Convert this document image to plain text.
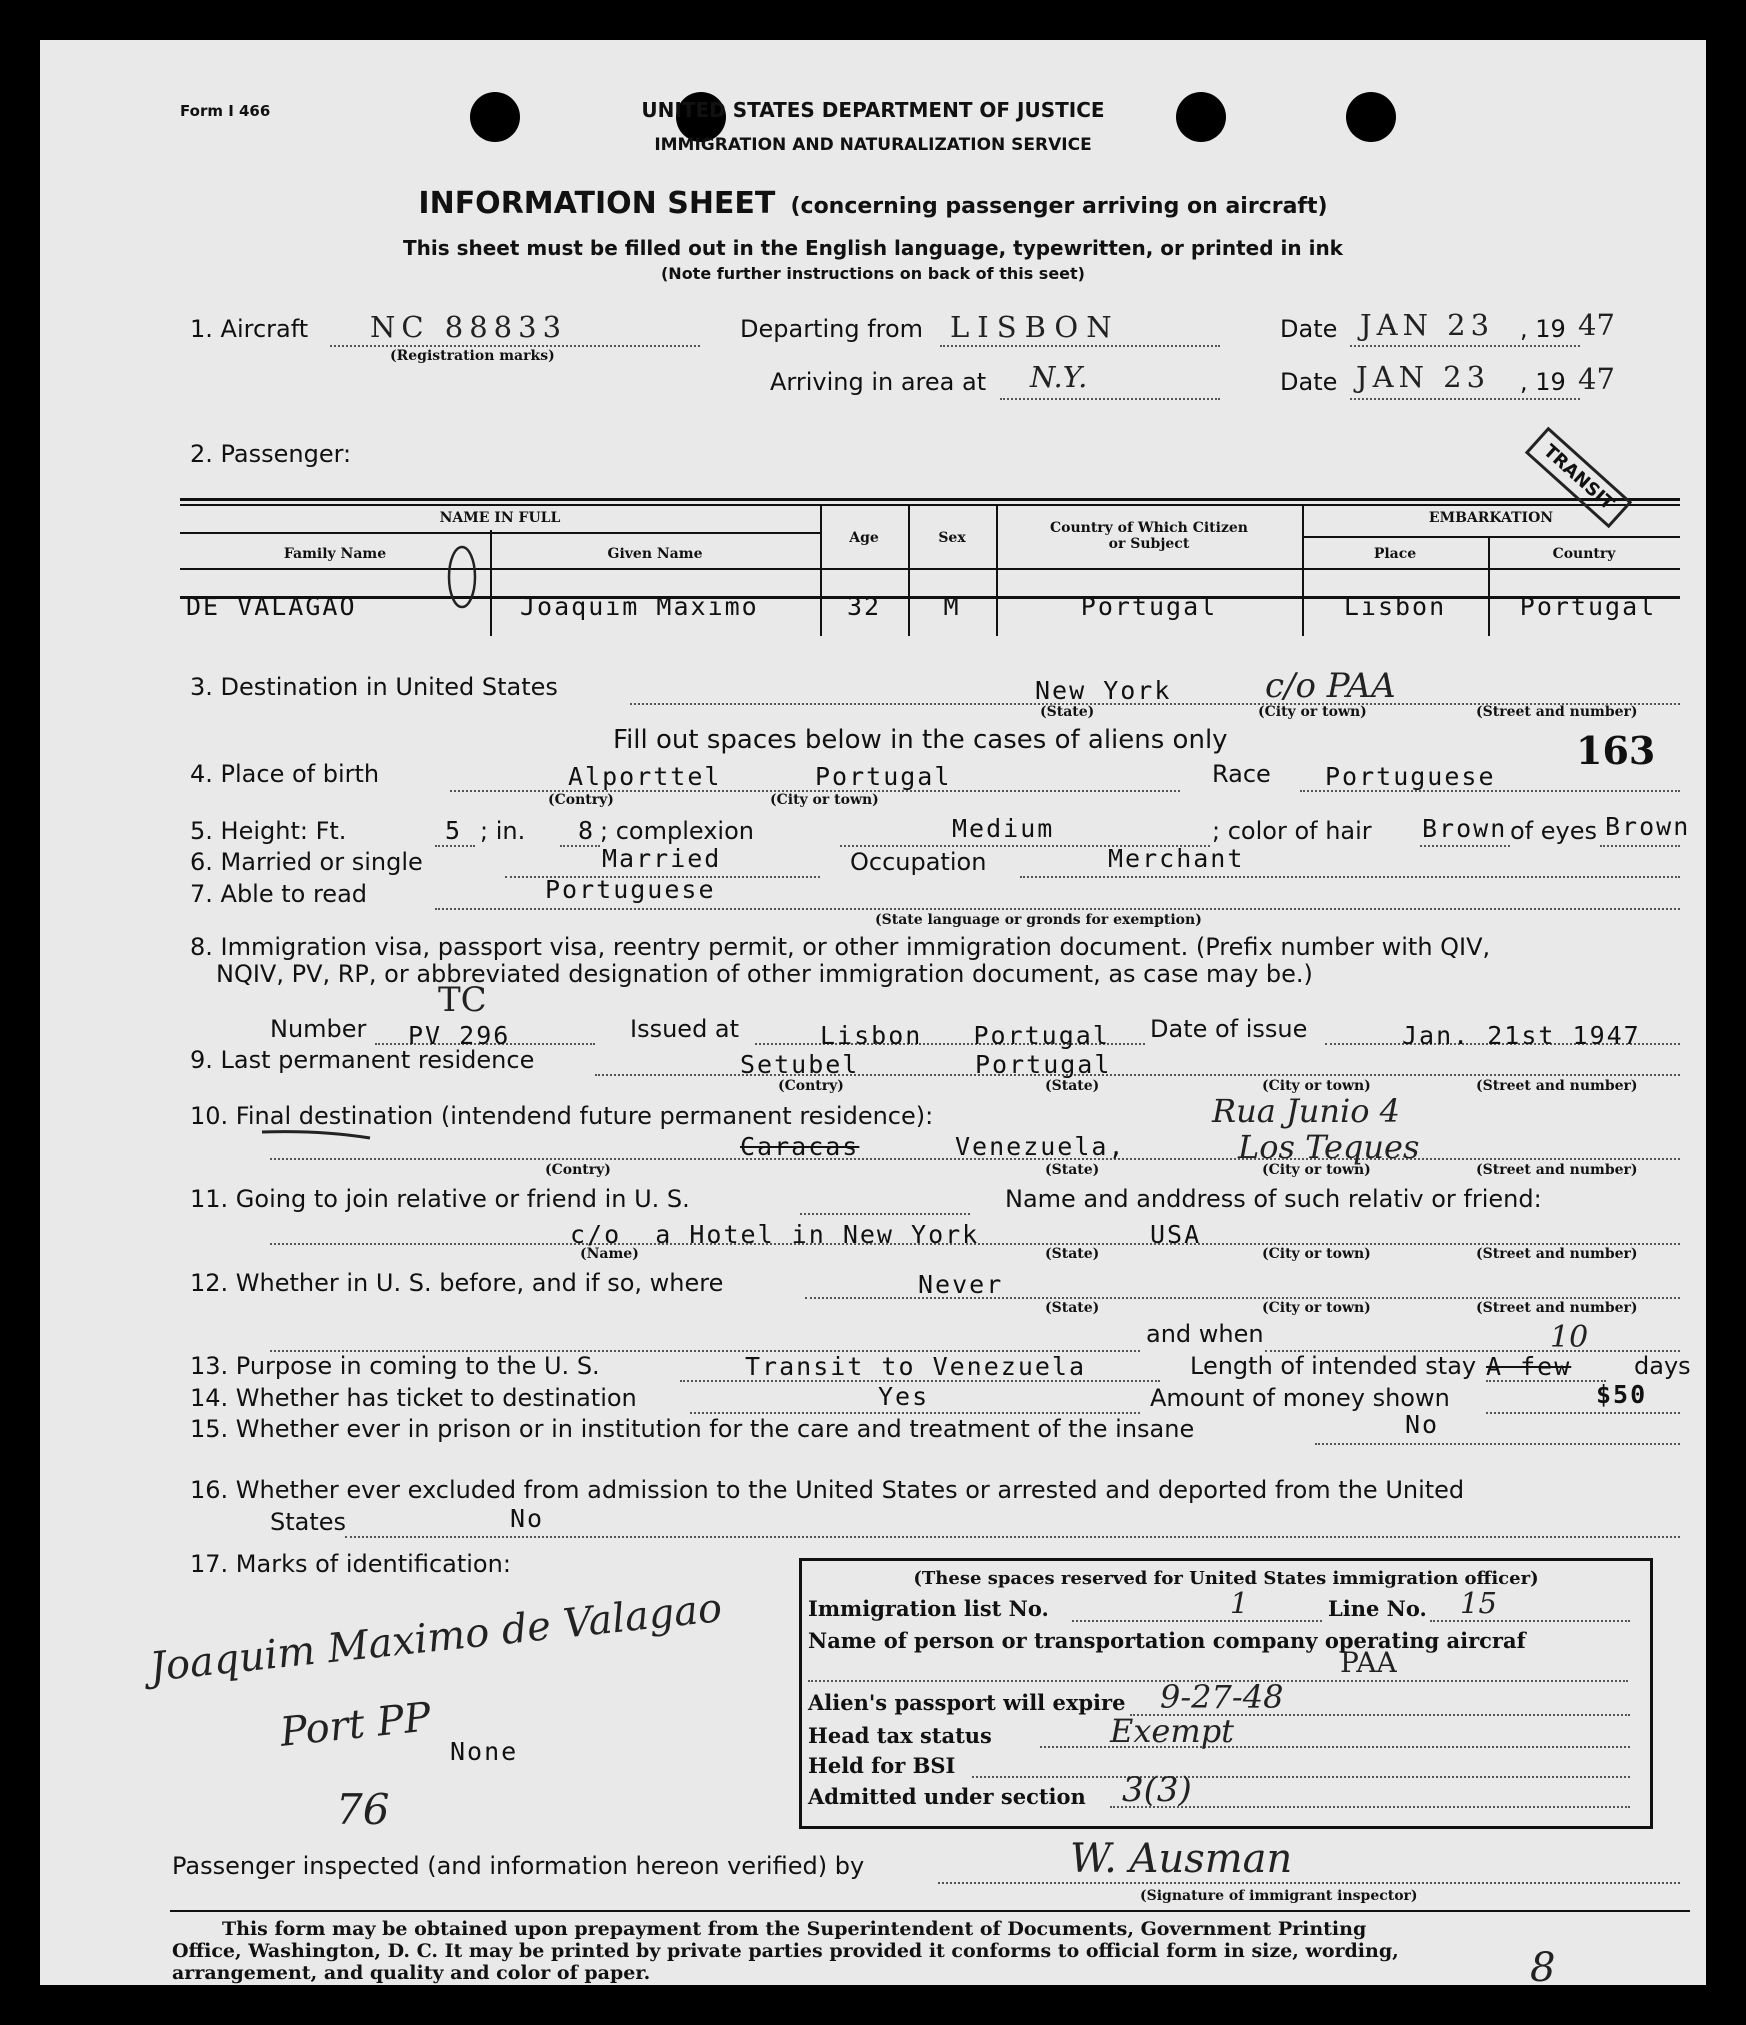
Form I 466	UNITED STATES DEPARTMENT OF JUSTICE
IMMIGRATION AND NATURALIZATION SERVICE
INFORMATION SHEET (concerning passenger arriving on aircraft)
This sheet must be filled out in the English language, typewritten, or printed in ink
(Note further instructions on back of this seet)
1. Aircraft NC 88833
(Registration marks)
Departing from LISBON	Date JAN 23 , 19 47
Arriving in area at N.Y.	Date JAN 23 , 19 47
2. Passenger:
NAME IN FULL
Family Name	Given Name
Age	Sex
Country of Which Citizen
or Subject
EMBARKATION
Place	Country
DE VALAGAO	Joaquim Maximo	32	M	Portugal	Lisbon	Portugal
TRANSIT
3. Destination in United States	New York	c/o PAA
(State)	(City or town)	(Street and number)
Fill out spaces below in the cases of aliens only	163
4. Place of birth	Alporttel	Portugal
(Contry)	(City or town)
Race Portuguese
5. Height: Ft.	5 ; in. 8 ; complexion	Medium	; color of hair Brown of eyes Brown
6. Married or single	Married	Occupation	Merchant
7. Able to read	Portuguese
(State language or gronds for exemption)
8. Immigration visa, passport visa, reentry permit, or other immigration document. (Prefix number with QIV,
NQIV, PV, RP, or abbreviated designation of other immigration document, as case may be.)
TC
Number PV 296	Issued at	Lisbon   Portugal Date of issue	Jan. 21st 1947
9. Last permanent residence	Setubel	Portugal
(Contry)	(State)	(City or town)	(Street and number)
10. Final destination (intendend future permanent residence):	Rua Junio 4
Caracas	Venezuela,	Los Teques
(Contry)	(State)	(City or town)	(Street and number)
11. Going to join relative or friend in U. S.	Name and anddress of such relativ or friend:
c/o  a Hotel in New York	USA
(Name)	(State)	(City or town)	(Street and number)
12. Whether in U. S. before, and if so, where	Never
(State)	(City or town)	(Street and number)
and when
13. Purpose in coming to the U. S.	Transit to Venezuela	Length of intended stay A few
10
days
14. Whether has ticket to destination	Yes	Amount of money shown	$50
15. Whether ever in prison or in institution for the care and treatment of the insane	No
16. Whether ever excluded from admission to the United States or arrested and deported from the United
States	No
17. Marks of identification:
Joaquim Maximo de Valagao
Port PP None
76
(These spaces reserved for United States immigration officer)
Immigration list No.	1	Line No. 15
Name of person or transportation company operating aircraf
PAA
Alien's passport will expire 9-27-48
Head tax status	Exempt
Held for BSI
Admitted under section 3(3)
Passenger inspected (and information hereon verified) by	W. Ausman
(Signature of immigrant inspector)
This form may be obtained upon prepayment from the Superintendent of Documents, Government Printing
Office, Washington, D. C. It may be printed by private parties provided it conforms to official form in size, wording,
arrangement, and quality and color of paper.	8
